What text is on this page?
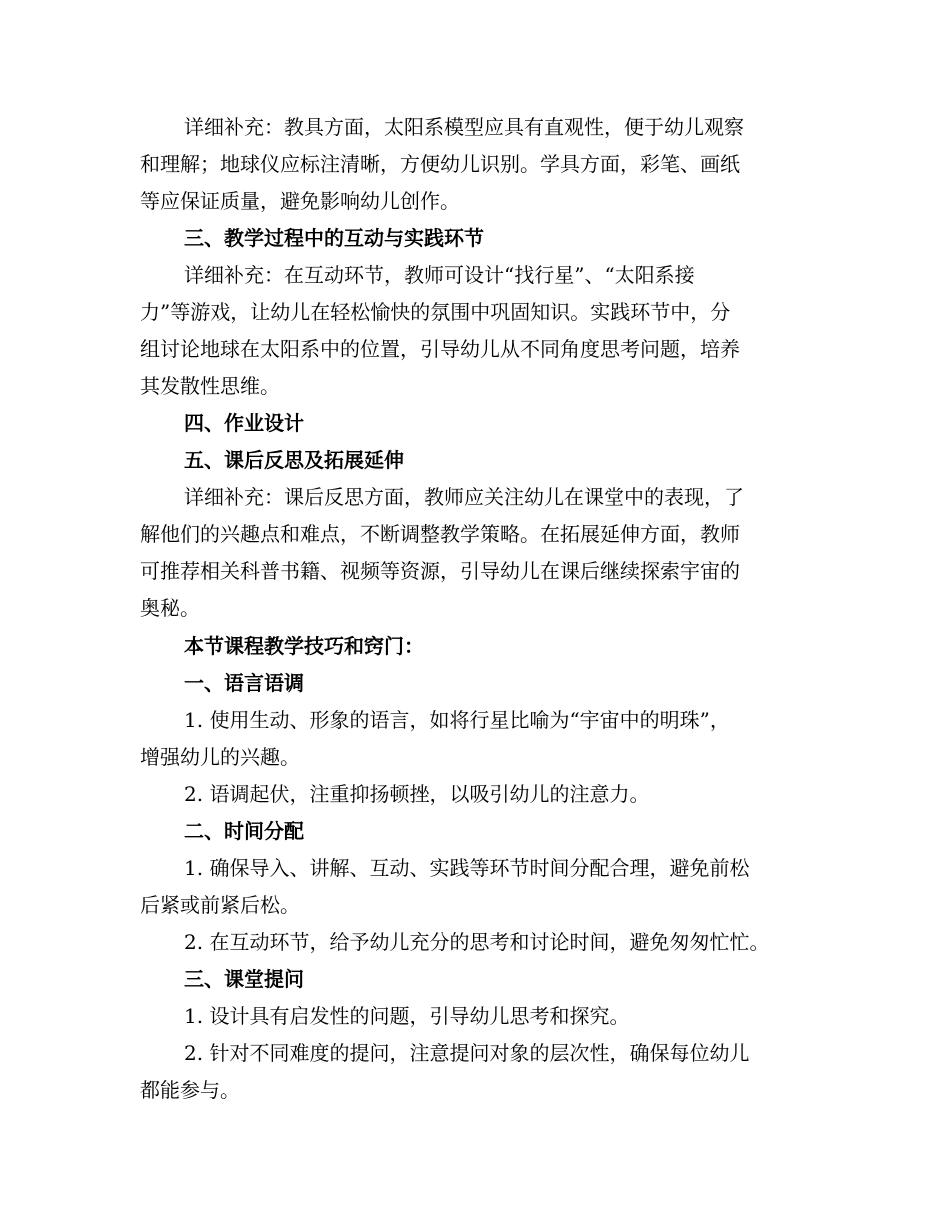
详细补充：教具方面，太阳系模型应具有直观性，便于幼儿观察
和理解；地球仪应标注清晰，方便幼儿识别。学具方面，彩笔、画纸
等应保证质量，避免影响幼儿创作。
三、教学过程中的互动与实践环节
详细补充：在互动环节，教师可设计“找行星”、“太阳系接
力”等游戏，让幼儿在轻松愉快的氛围中巩固知识。实践环节中，分
组讨论地球在太阳系中的位置，引导幼儿从不同角度思考问题，培养
其发散性思维。
四、作业设计
五、课后反思及拓展延伸
详细补充：课后反思方面，教师应关注幼儿在课堂中的表现，了
解他们的兴趣点和难点，不断调整教学策略。在拓展延伸方面，教师
可推荐相关科普书籍、视频等资源，引导幼儿在课后继续探索宇宙的
奥秘。
本节课程教学技巧和窍门：
一、语言语调
1. 使用生动、形象的语言，如将行星比喻为“宇宙中的明珠”，
增强幼儿的兴趣。
2. 语调起伏，注重抑扬顿挫，以吸引幼儿的注意力。
二、时间分配
1. 确保导入、讲解、互动、实践等环节时间分配合理，避免前松
后紧或前紧后松。
2. 在互动环节，给予幼儿充分的思考和讨论时间，避免匆匆忙忙。
三、课堂提问
1. 设计具有启发性的问题，引导幼儿思考和探究。
2. 针对不同难度的提问，注意提问对象的层次性，确保每位幼儿
都能参与。
